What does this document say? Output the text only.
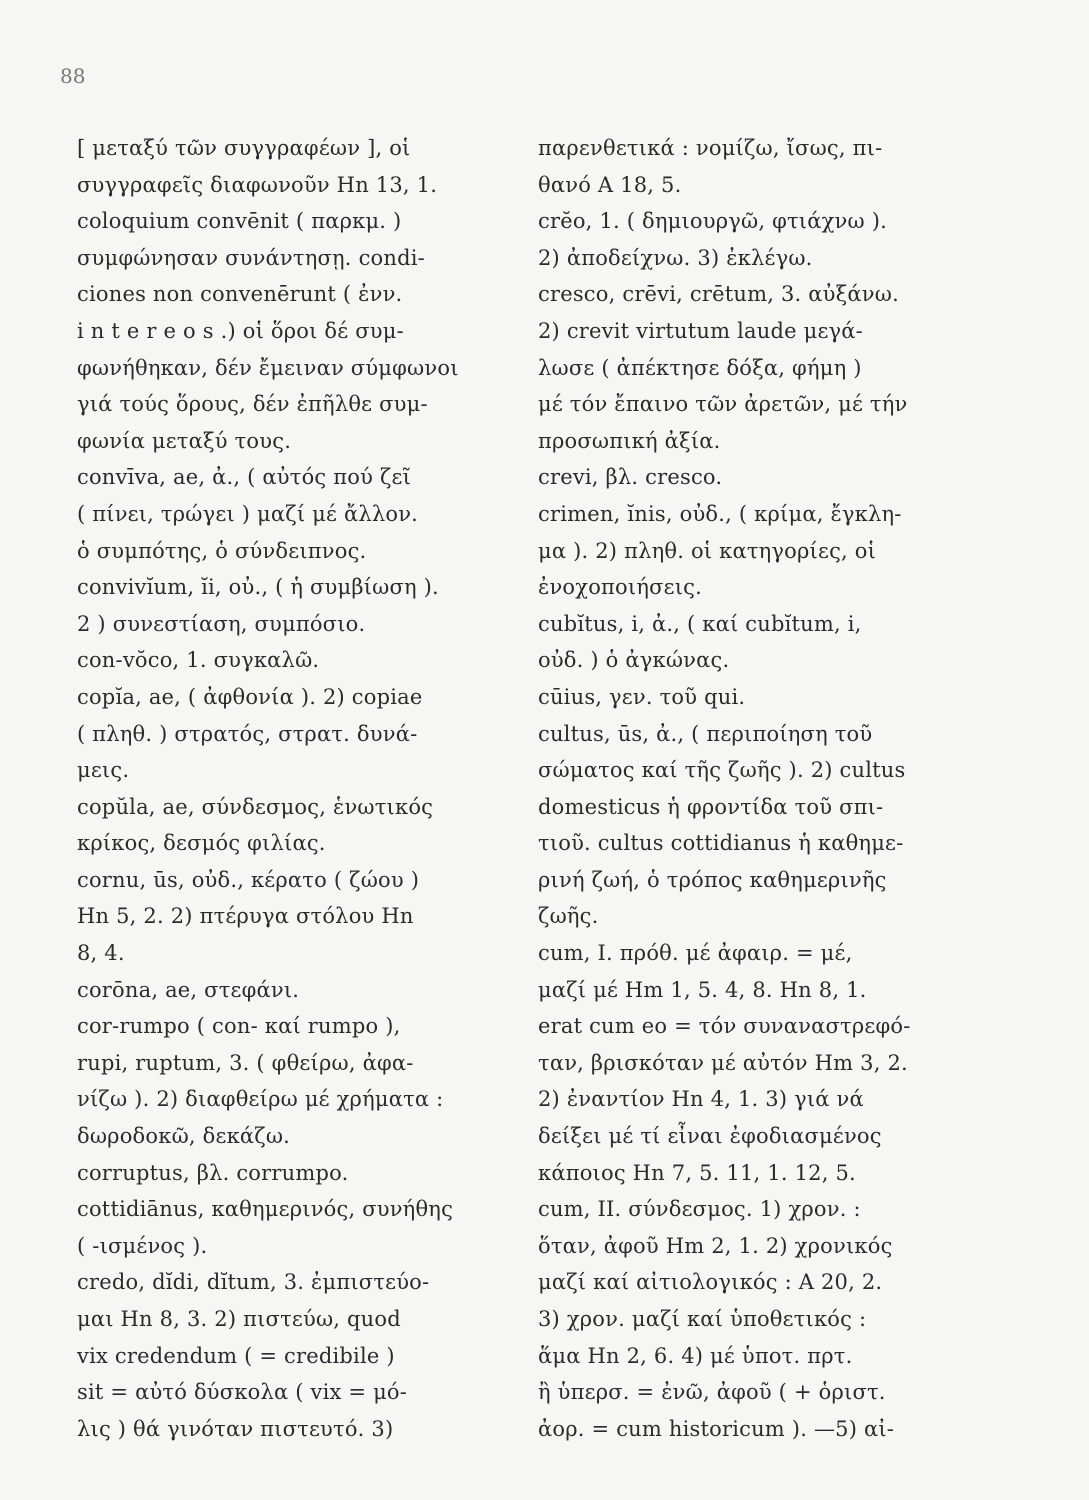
88
[ μεταξύ τῶν συγγραφέων ], οἱ
συγγραφεῖς διαφωνοῦν Hn 13, 1.
coloquium convēnit ( παρκμ. )
συμφώνησαν συνάντησῃ. condi-
ciones non convenērunt ( ἐνν.
i n t e r e o s .) οἱ ὅροι δέ συμ-
φωνήθηκαν, δέν ἔμειναν σύμφωνοι
γιά τούς ὅρους, δέν ἐπῆλθε συμ-
φωνία μεταξύ τους.
convīva, ae, ἀ., ( αὐτός πού ζεῖ
( πίνει, τρώγει ) μαζί μέ ἄλλον.
ὁ συμπότης, ὁ σύνδειπνος.
convivĭum, ĭi, οὐ., ( ἡ συμβίωση ).
2 ) συνεστίαση, συμπόσιο.
con-vŏco, 1. συγκαλῶ.
copĭa, ae, ( ἀφθονία ). 2) copiae
( πληθ. ) στρατός, στρατ. δυνά-
μεις.
copŭla, ae, σύνδεσμος, ἑνωτικός
κρίκος, δεσμός φιλίας.
cornu, ūs, οὐδ., κέρατο ( ζώου )
Hn 5, 2. 2) πτέρυγα στόλου Hn
8, 4.
corōna, ae, στεφάνι.
cor-rumpo ( con- καί rumpo ),
rupi, ruptum, 3. ( φθείρω, ἀφα-
νίζω ). 2) διαφθείρω μέ χρήματα :
δωροδοκῶ, δεκάζω.
corruptus, βλ. corrumpo.
cottidiānus, καθημερινός, συνήθης
( -ισμένος ).
credo, dĭdi, dĭtum, 3. ἐμπιστεύο-
μαι Hn 8, 3. 2) πιστεύω, quod
vix credendum ( = credibile )
sit = αὐτό δύσκολα ( vix = μό-
λις ) θά γινόταν πιστευτό. 3)
παρενθετικά : νομίζω, ἴσως, πι-
θανό A 18, 5.
crĕo, 1. ( δημιουργῶ, φτιάχνω ).
2) ἀποδείχνω. 3) ἐκλέγω.
cresco, crēvi, crētum, 3. αὐξάνω.
2) crevit virtutum laude μεγά-
λωσε ( ἀπέκτησε δόξα, φήμη )
μέ τόν ἔπαινο τῶν ἀρετῶν, μέ τήν
προσωπική ἀξία.
crevi, βλ. cresco.
crimen, ĭnis, οὐδ., ( κρίμα, ἔγκλη-
μα ). 2) πληθ. οἱ κατηγορίες, οἱ
ἐνοχοποιήσεις.
cubĭtus, i, ἀ., ( καί cubĭtum, i,
οὐδ. ) ὁ ἀγκώνας.
cūius, γεν. τοῦ qui.
cultus, ūs, ἀ., ( περιποίηση τοῦ
σώματος καί τῆς ζωῆς ). 2) cultus
domesticus ἡ φροντίδα τοῦ σπι-
τιοῦ. cultus cottidianus ἡ καθημε-
ρινή ζωή, ὁ τρόπος καθημερινῆς
ζωῆς.
cum, I. πρόθ. μέ ἀφαιρ. = μέ,
μαζί μέ Hm 1, 5. 4, 8. Hn 8, 1.
erat cum eo = τόν συναναστρεφό-
ταν, βρισκόταν μέ αὐτόν Hm 3, 2.
2) ἐναντίον Hn 4, 1. 3) γιά νά
δείξει μέ τί εἶναι ἐφοδιασμένος
κάποιος Hn 7, 5. 11, 1. 12, 5.
cum, II. σύνδεσμος. 1) χρον. :
ὅταν, ἀφοῦ Hm 2, 1. 2) χρονικός
μαζί καί αἰτιολογικός : A 20, 2.
3) χρον. μαζί καί ὑποθετικός :
ἅμα Hn 2, 6. 4) μέ ὑποτ. πρτ.
ἢ ὑπερσ. = ἐνῶ, ἀφοῦ ( + ὁριστ.
ἀορ. = cum historicum ). —5) αἰ-
